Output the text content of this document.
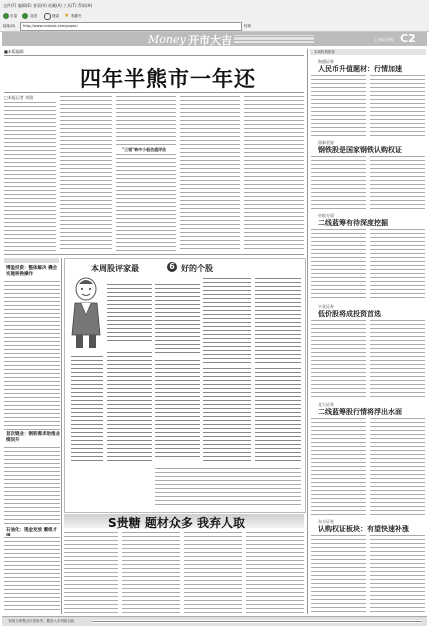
文件(F) 编辑(E) 查看(V) 收藏(A) 工具(T) 帮助(H)
后退	前进	搜索 ★ 收藏夹
地址(D)	http://www.cnstock.com/paper/	转到
Money 开市大吉	上海证券报 C2
■本版编辑
四年半熊市一年还
□本报记者 刘翔
"三相"转中小板估值评估
博盈投资：整体解决 機会 实施转换操作
首次钢业：钢铁需求助推业绩回升
石油化：现金发放 震组才
本周股评家最	6 好的个股
S贵糖 题材众多 我弃人取
本周机构推荐
海通证券
人民币升值题材：行情加速
国泰君安
钢铁股是国家钢铁认购权证
申银万国
二线蓝筹有待深度挖掘
兴业证券
低价股将成投资首选
光大证券
二线蓝筹股行情将浮出水面
东方证券
认购权证板块：有望快速补涨
本版文章观点仅供参考，据此入市风险自担
